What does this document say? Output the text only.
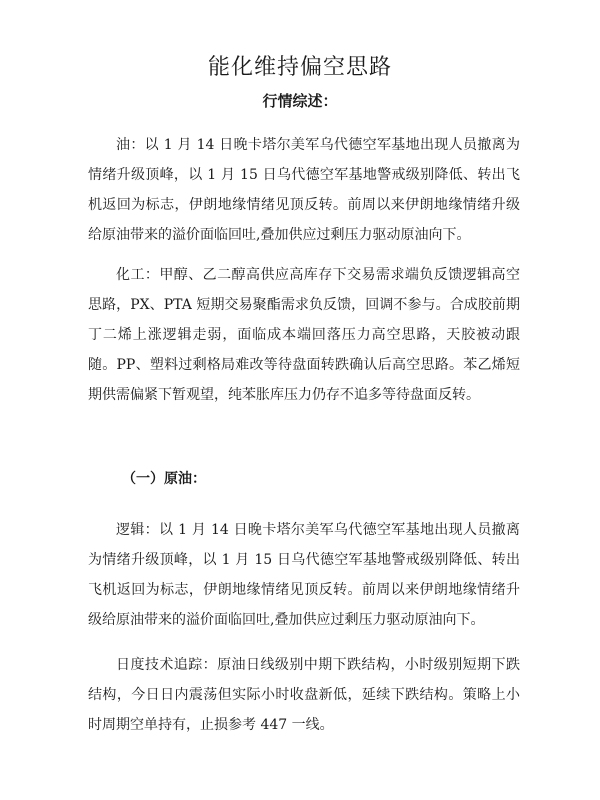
能化维持偏空思路
行情综述：
油：以 1 月 14 日晚卡塔尔美军乌代德空军基地出现人员撤离为情绪升级顶峰，以 1 月 15 日乌代德空军基地警戒级别降低、转出飞机返回为标志，伊朗地缘情绪见顶反转。前周以来伊朗地缘情绪升级给原油带来的溢价面临回吐,叠加供应过剩压力驱动原油向下。
化工：甲醇、乙二醇高供应高库存下交易需求端负反馈逻辑高空思路，PX、PTA 短期交易聚酯需求负反馈，回调不参与。合成胶前期丁二烯上涨逻辑走弱，面临成本端回落压力高空思路，天胶被动跟随。PP、塑料过剩格局难改等待盘面转跌确认后高空思路。苯乙烯短期供需偏紧下暂观望，纯苯胀库压力仍存不追多等待盘面反转。
（一）原油：
逻辑：以 1 月 14 日晚卡塔尔美军乌代德空军基地出现人员撤离为情绪升级顶峰，以 1 月 15 日乌代德空军基地警戒级别降低、转出飞机返回为标志，伊朗地缘情绪见顶反转。前周以来伊朗地缘情绪升级给原油带来的溢价面临回吐,叠加供应过剩压力驱动原油向下。
日度技术追踪：原油日线级别中期下跌结构，小时级别短期下跌结构，今日日内震荡但实际小时收盘新低，延续下跌结构。策略上小时周期空单持有，止损参考 447 一线。
